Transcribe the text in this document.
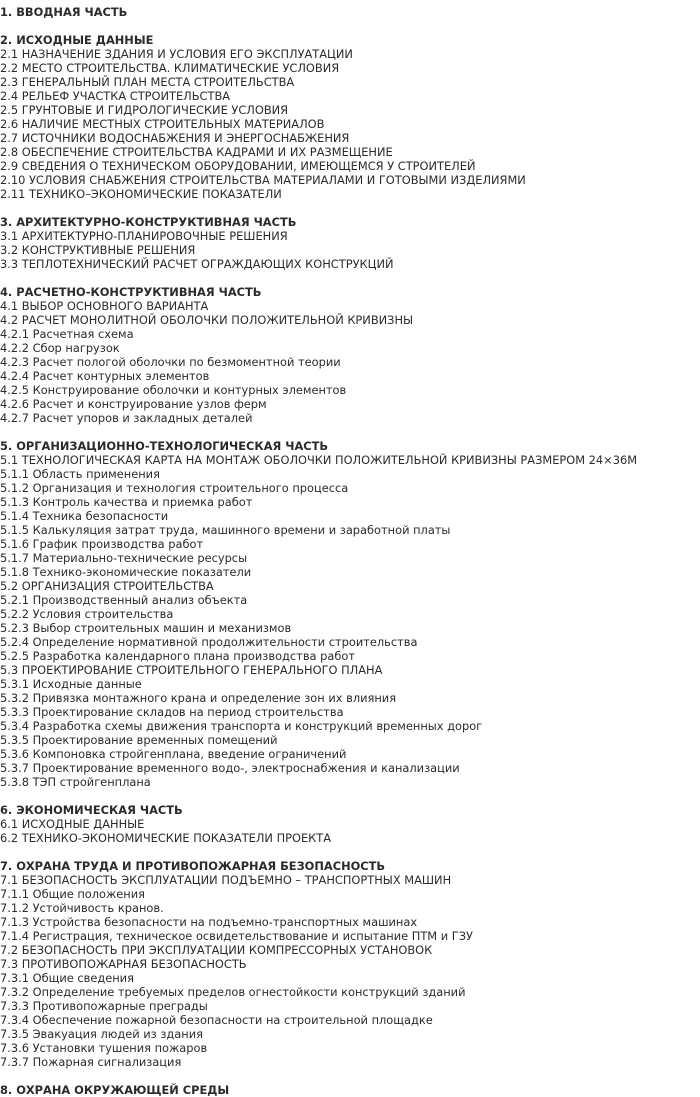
1. ВВОДНАЯ ЧАСТЬ
2. ИСХОДНЫЕ ДАННЫЕ
2.1 НАЗНАЧЕНИЕ ЗДАНИЯ И УСЛОВИЯ ЕГО ЭКСПЛУАТАЦИИ
2.2 МЕСТО СТРОИТЕЛЬСТВА. КЛИМАТИЧЕСКИЕ УСЛОВИЯ
2.3 ГЕНЕРАЛЬНЫЙ ПЛАН МЕСТА СТРОИТЕЛЬСТВА
2.4 РЕЛЬЕФ УЧАСТКА СТРОИТЕЛЬСТВА
2.5 ГРУНТОВЫЕ И ГИДРОЛОГИЧЕСКИЕ УСЛОВИЯ
2.6 НАЛИЧИЕ МЕСТНЫХ СТРОИТЕЛЬНЫХ МАТЕРИАЛОВ
2.7 ИСТОЧНИКИ ВОДОСНАБЖЕНИЯ И ЭНЕРГОСНАБЖЕНИЯ
2.8 ОБЕСПЕЧЕНИЕ СТРОИТЕЛЬСТВА КАДРАМИ И ИХ РАЗМЕЩЕНИЕ
2.9 СВЕДЕНИЯ О ТЕХНИЧЕСКОМ ОБОРУДОВАНИИ, ИМЕЮЩЕМСЯ У СТРОИТЕЛЕЙ
2.10 УСЛОВИЯ СНАБЖЕНИЯ СТРОИТЕЛЬСТВА МАТЕРИАЛАМИ И ГОТОВЫМИ ИЗДЕЛИЯМИ
2.11 ТЕХНИКО–ЭКОНОМИЧЕСКИЕ ПОКАЗАТЕЛИ
3. АРХИТЕКТУРНО-КОНСТРУКТИВНАЯ ЧАСТЬ
3.1 АРХИТЕКТУРНО-ПЛАНИРОВОЧНЫЕ РЕШЕНИЯ
3.2 КОНСТРУКТИВНЫЕ РЕШЕНИЯ
3.3 ТЕПЛОТЕХНИЧЕСКИЙ РАСЧЕТ ОГРАЖДАЮЩИХ КОНСТРУКЦИЙ
4. РАСЧЕТНО-КОНСТРУКТИВНАЯ ЧАСТЬ
4.1 ВЫБОР ОСНОВНОГО ВАРИАНТА
4.2 РАСЧЕТ МОНОЛИТНОЙ ОБОЛОЧКИ ПОЛОЖИТЕЛЬНОЙ КРИВИЗНЫ
4.2.1 Расчетная схема
4.2.2 Сбор нагрузок
4.2.3 Расчет пологой оболочки по безмоментной теории
4.2.4 Расчет контурных элементов
4.2.5 Конструирование оболочки и контурных элементов
4.2.6 Расчет и конструирование узлов ферм
4.2.7 Расчет упоров и закладных деталей
5. ОРГАНИЗАЦИОННО-ТЕХНОЛОГИЧЕСКАЯ ЧАСТЬ
5.1 ТЕХНОЛОГИЧЕСКАЯ КАРТА НА МОНТАЖ ОБОЛОЧКИ ПОЛОЖИТЕЛЬНОЙ КРИВИЗНЫ РАЗМЕРОМ 24×36М
5.1.1 Область применения
5.1.2 Организация и технология строительного процесса
5.1.3 Контроль качества и приемка работ
5.1.4 Техника безопасности
5.1.5 Калькуляция затрат труда, машинного времени и заработной платы
5.1.6 График производства работ
5.1.7 Материально-технические ресурсы
5.1.8 Технико-экономические показатели
5.2 ОРГАНИЗАЦИЯ СТРОИТЕЛЬСТВА
5.2.1 Производственный анализ объекта
5.2.2 Условия строительства
5.2.3 Выбор строительных машин и механизмов
5.2.4 Определение нормативной продолжительности строительства
5.2.5 Разработка календарного плана производства работ
5.3 ПРОЕКТИРОВАНИЕ СТРОИТЕЛЬНОГО ГЕНЕРАЛЬНОГО ПЛАНА
5.3.1 Исходные данные
5.3.2 Привязка монтажного крана и определение зон их влияния
5.3.3 Проектирование складов на период строительства
5.3.4 Разработка схемы движения транспорта и конструкций временных дорог
5.3.5 Проектирование временных помещений
5.3.6 Компоновка стройгенплана, введение ограничений
5.3.7 Проектирование временного водо-, электроснабжения и канализации
5.3.8 ТЭП стройгенплана
6. ЭКОНОМИЧЕСКАЯ ЧАСТЬ
6.1 ИСХОДНЫЕ ДАННЫЕ
6.2 ТЕХНИКО-ЭКОНОМИЧЕСКИЕ ПОКАЗАТЕЛИ ПРОЕКТА
7. ОХРАНА ТРУДА И ПРОТИВОПОЖАРНАЯ БЕЗОПАСНОСТЬ
7.1 БЕЗОПАСНОСТЬ ЭКСПЛУАТАЦИИ ПОДЪЕМНО – ТРАНСПОРТНЫХ МАШИН
7.1.1 Общие положения
7.1.2 Устойчивость кранов.
7.1.3 Устройства безопасности на подъемно-транспортных машинах
7.1.4 Регистрация, техническое освидетельствование и испытание ПТМ и ГЗУ
7.2 БЕЗОПАСНОСТЬ ПРИ ЭКСПЛУАТАЦИИ КОМПРЕССОРНЫХ УСТАНОВОК
7.3 ПРОТИВОПОЖАРНАЯ БЕЗОПАСНОСТЬ
7.3.1 Общие сведения
7.3.2 Определение требуемых пределов огнестойкости конструкций зданий
7.3.3 Противопожарные преграды
7.3.4 Обеспечение пожарной безопасности на строительной площадке
7.3.5 Эвакуация людей из здания
7.3.6 Установки тушения пожаров
7.3.7 Пожарная сигнализация
8. ОХРАНА ОКРУЖАЮЩЕЙ СРЕДЫ
